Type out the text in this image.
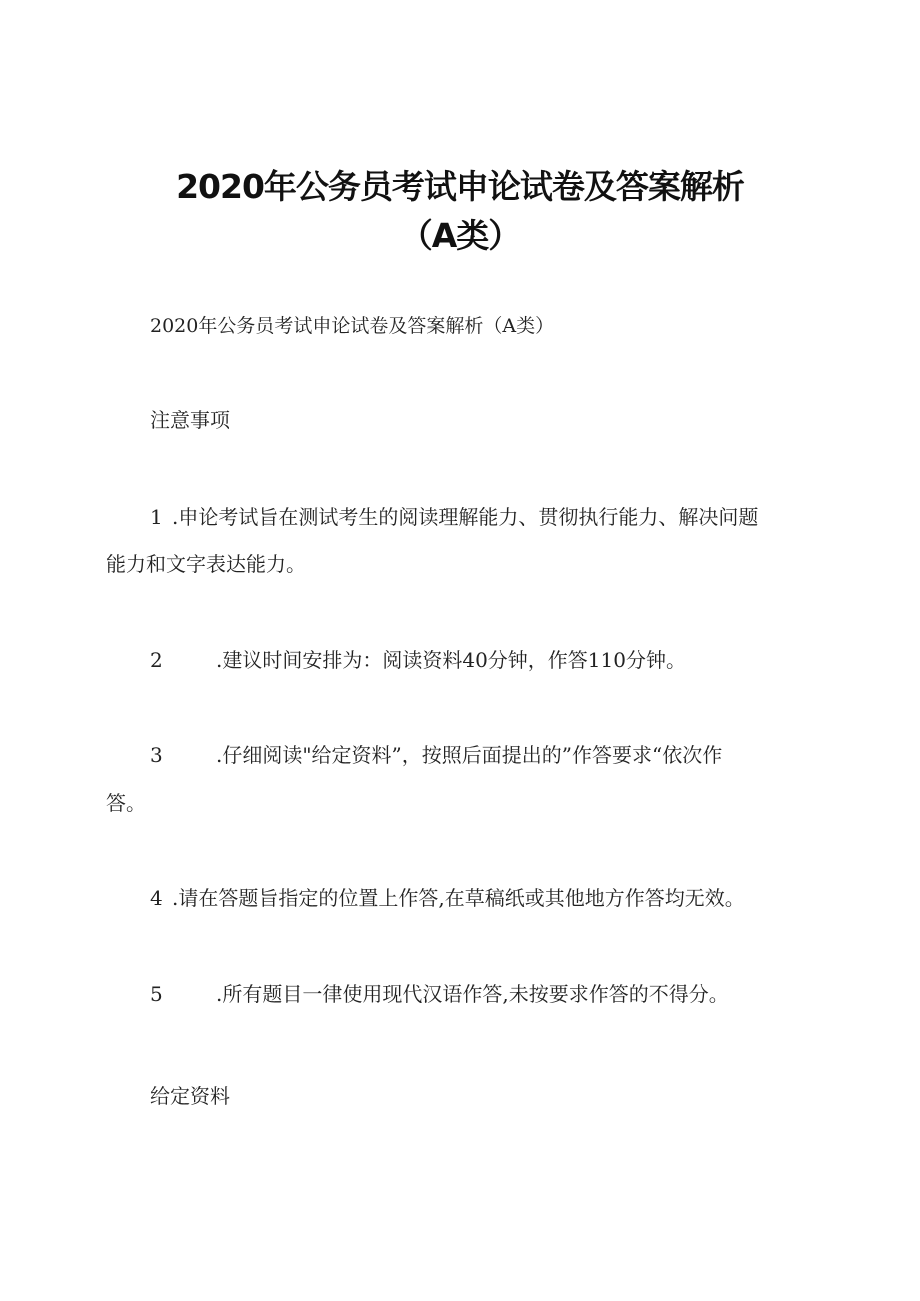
2020年公务员考试申论试卷及答案解析
（A类）
2020年公务员考试申论试卷及答案解析（A类）
注意事项
1 .申论考试旨在测试考生的阅读理解能力、贯彻执行能力、解决问题
能力和文字表达能力。
2	.建议时间安排为：阅读资料40分钟，作答110分钟。
3	.仔细阅读"给定资料”，按照后面提出的”作答要求“依次作
答。
4 .请在答题旨指定的位置上作答,在草稿纸或其他地方作答均无效。
5	.所有题目一律使用现代汉语作答,未按要求作答的不得分。
给定资料
